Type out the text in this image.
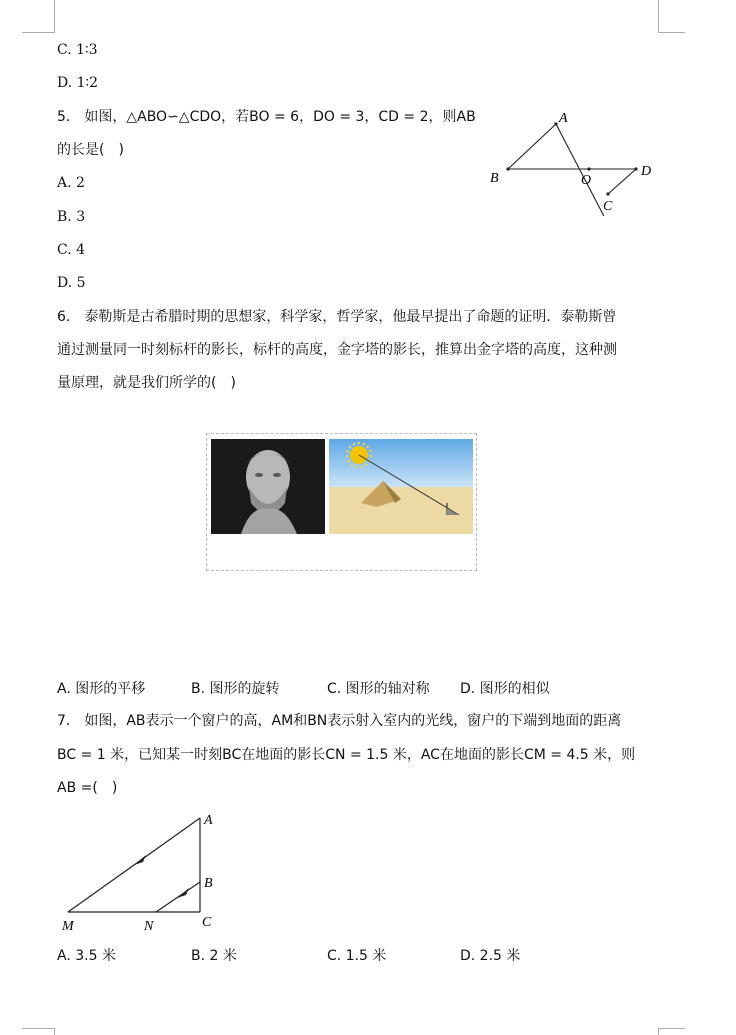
C. 1∶3
D. 1∶2
5.　如图，△ABO∽△CDO，若BO = 6，DO = 3，CD = 2，则AB
的长是(　)
A. 2
B. 3
C. 4
D. 5
A
B	O
D
C
6.　泰勒斯是古希腊时期的思想家，科学家，哲学家，他最早提出了命题的证明．泰勒斯曾
通过测量同一时刻标杆的影长，标杆的高度，金字塔的影长，推算出金字塔的高度，这种测
量原理，就是我们所学的(　)
A. 图形的平移	B. 图形的旋转	C. 图形的轴对称 D. 图形的相似
7.　如图，AB表示一个窗户的高，AM和BN表示射入室内的光线，窗户的下端到地面的距离
BC = 1 米，已知某一时刻BC在地面的影长CN = 1.5 米，AC在地面的影长CM = 4.5 米，则
AB =(　)
A
B
C
M	N
A. 3.5 米	B. 2 米	C. 1.5 米	D. 2.5 米
